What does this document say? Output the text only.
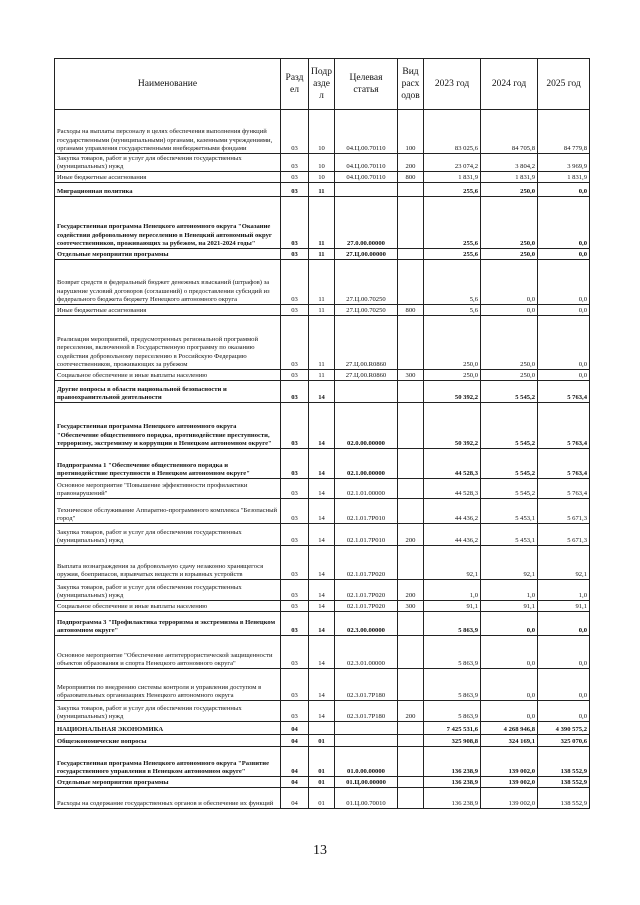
Наименование	Разд ел	Подр азде л	Целевая статья	Вид расх одов	2023 год	2024 год	2025 год
Расходы на выплаты персоналу в целях обеспечения выполнения функций государственными (муниципальными) органами, казенными учреждениями, органами управления государственными внебюджетными фондами	03	10	04.Ц.00.70110	100	83 025,6	84 705,8	84 779,8
Закупка товаров, работ и услуг для обеспечения государственных (муниципальных) нужд	03	10	04.Ц.00.70110	200	23 074,2	3 804,2	3 969,9
Иные бюджетные ассигнования	03	10	04.Ц.00.70110	800	1 831,9	1 831,9	1 831,9
Миграционная политика	03	11			255,6	250,0	0,0
Государственная программа Ненецкого автономного округа "Оказание содействия добровольному переселению в Ненецкий автономный округ соотечественников, проживающих за рубежом, на 2021-2024 годы"	03	11	27.0.00.00000		255,6	250,0	0,0
Отдельные мероприятия программы	03	11	27.Ц.00.00000		255,6	250,0	0,0
Возврат средств в федеральный бюджет денежных взысканий (штрафов) за нарушение условий договоров (соглашений) о предоставлении субсидий из федерального бюджета бюджету Ненецкого автономного округа	03	11	27.Ц.00.70250		5,6	0,0	0,0
Иные бюджетные ассигнования	03	11	27.Ц.00.70250	800	5,6	0,0	0,0
Реализация мероприятий, предусмотренных региональной программой переселения, включенной в Государственную программу по оказанию содействия добровольному переселению в Российскую Федерацию соотечественников, проживающих за рубежом	03	11	27.Ц.00.R0860		250,0	250,0	0,0
Социальное обеспечение и иные выплаты населению	03	11	27.Ц.00.R0860	300	250,0	250,0	0,0
Другие вопросы в области национальной безопасности и правоохранительной деятельности	03	14			50 392,2	5 545,2	5 763,4
Государственная программа Ненецкого автономного округа "Обеспечение общественного порядка, противодействие преступности, терроризму, экстремизму и коррупции в Ненецком автономном округе"	03	14	02.0.00.00000		50 392,2	5 545,2	5 763,4
Подпрограмма 1 "Обеспечение общественного порядка и противодействие преступности в Ненецком автономном округе"	03	14	02.1.00.00000		44 528,3	5 545,2	5 763,4
Основное мероприятие "Повышение эффективности профилактики правонарушений"	03	14	02.1.01.00000		44 528,3	5 545,2	5 763,4
Техническое обслуживание Аппаратно-программного комплекса "Безопасный город"	03	14	02.1.01.7Р010		44 436,2	5 453,1	5 671,3
Закупка товаров, работ и услуг для обеспечения государственных (муниципальных) нужд	03	14	02.1.01.7Р010	200	44 436,2	5 453,1	5 671,3
Выплата вознаграждения за добровольную сдачу незаконно хранящегося оружия, боеприпасов, взрывчатых веществ и взрывных устройств	03	14	02.1.01.7Р020		92,1	92,1	92,1
Закупка товаров, работ и услуг для обеспечения государственных (муниципальных) нужд	03	14	02.1.01.7Р020	200	1,0	1,0	1,0
Социальное обеспечение и иные выплаты населению	03	14	02.1.01.7Р020	300	91,1	91,1	91,1
Подпрограмма 3 "Профилактика терроризма и экстремизма в Ненецком автономном округе"	03	14	02.3.00.00000		5 863,9	0,0	0,0
Основное мероприятие "Обеспечение антитеррористической защищенности объектов образования и спорта Ненецкого автономного округа"	03	14	02.3.01.00000		5 863,9	0,0	0,0
Мероприятия по внедрению системы контроля и управления доступом в образовательных организациях Ненецкого автономного округа	03	14	02.3.01.7Р180		5 863,9	0,0	0,0
Закупка товаров, работ и услуг для обеспечения государственных (муниципальных) нужд	03	14	02.3.01.7Р180	200	5 863,9	0,0	0,0
НАЦИОНАЛЬНАЯ ЭКОНОМИКА	04				7 425 531,6	4 268 946,8	4 390 575,2
Общеэкономические вопросы	04	01			325 908,8	324 169,1	325 070,6
Государственная программа Ненецкого автономного округа "Развитие государственного управления в Ненецком автономном округе"	04	01	01.0.00.00000		136 238,9	139 002,0	138 552,9
Отдельные мероприятия программы	04	01	01.Ц.00.00000		136 238,9	139 002,0	138 552,9
Расходы на содержание государственных органов и обеспечение их функций	04	01	01.Ц.00.70010		136 238,9	139 002,0	138 552,9
13
